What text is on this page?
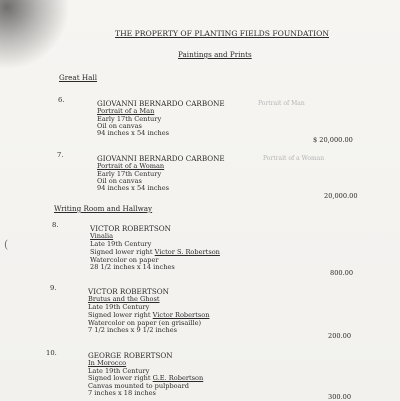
(
THE PROPERTY OF PLANTING FIELDS FOUNDATION
Paintings and Prints
Great Hall
6.	GIOVANNI BERNARDO CARBONE	Portrait of Man
Portrait of a Man
Early 17th Century
Oil on canvas
94 inches x 54 inches
$ 20,000.00
7.	GIOVANNI BERNARDO CARBONE	Portrait of a Woman
Portrait of a Woman
Early 17th Century
Oil on canvas
94 inches x 54 inches
20,000.00
Writing Room and Hallway
8.	VICTOR ROBERTSON
Vinalia
Late 19th Century
Signed lower right Victor S. Robertson
Watercolor on paper
28 1/2 inches x 14 inches
800.00
9.	VICTOR ROBERTSON
Brutus and the Ghost
Late 19th Century
Signed lower right Victor Robertson
Watercolor on paper (en grisaille)
7 1/2 inches x 9 1/2 inches
200.00
10.	GEORGE ROBERTSON
In Morocco
Late 19th Century
Signed lower right G.E. Robertson
Canvas mounted to pulpboard
7 inches x 18 inches	300.00
